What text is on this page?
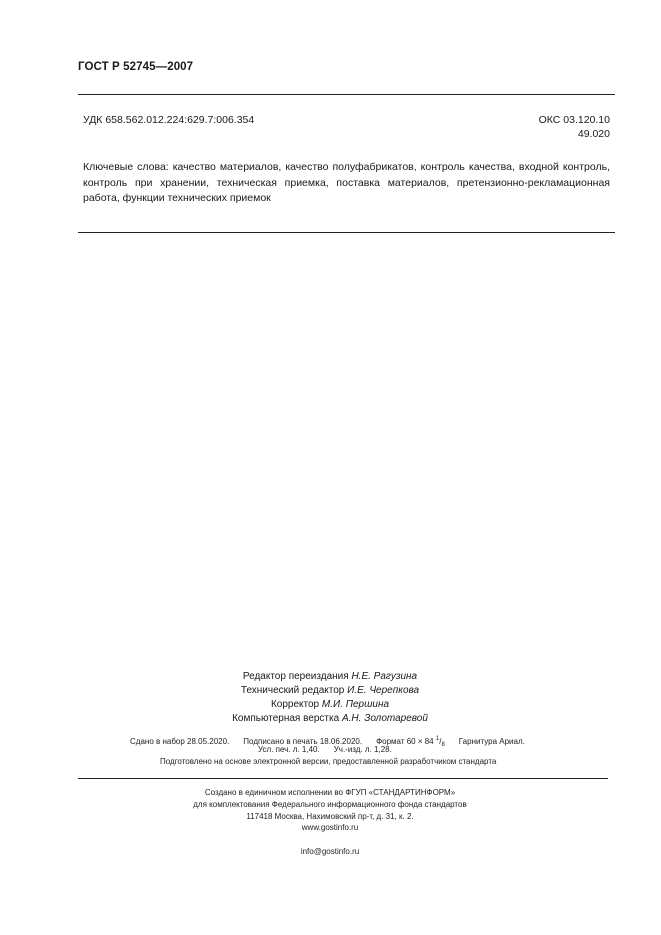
ГОСТ Р 52745—2007
УДК 658.562.012.224:629.7:006.354	ОКС 03.120.10
49.020
Ключевые слова: качество материалов, качество полуфабрикатов, контроль качества, входной контроль, контроль при хранении, техническая приемка, поставка материалов, претензионно-рекламационная работа, функции технических приемок
Редактор переиздания Н.Е. Рагузина
Технический редактор И.Е. Черепкова
Корректор М.И. Першина
Компьютерная верстка А.Н. Золотаревой
Сдано в набор 28.05.2020. Подписано в печать 18.06.2020. Формат 60 × 84 $^1/_8$ Гарнитура Ариал.
Усл. печ. л. 1,40. Уч.-изд. л. 1,28.
Подготовлено на основе электронной версии, предоставленной разработчиком стандарта
Создано в единичном исполнении во ФГУП «СТАНДАРТИНФОРМ»
для комплектования Федерального информационного фонда стандартов
117418 Москва, Нахимовский пр-т, д. 31, к. 2.
www.gostinfo.ru

info@gostinfo.ru
